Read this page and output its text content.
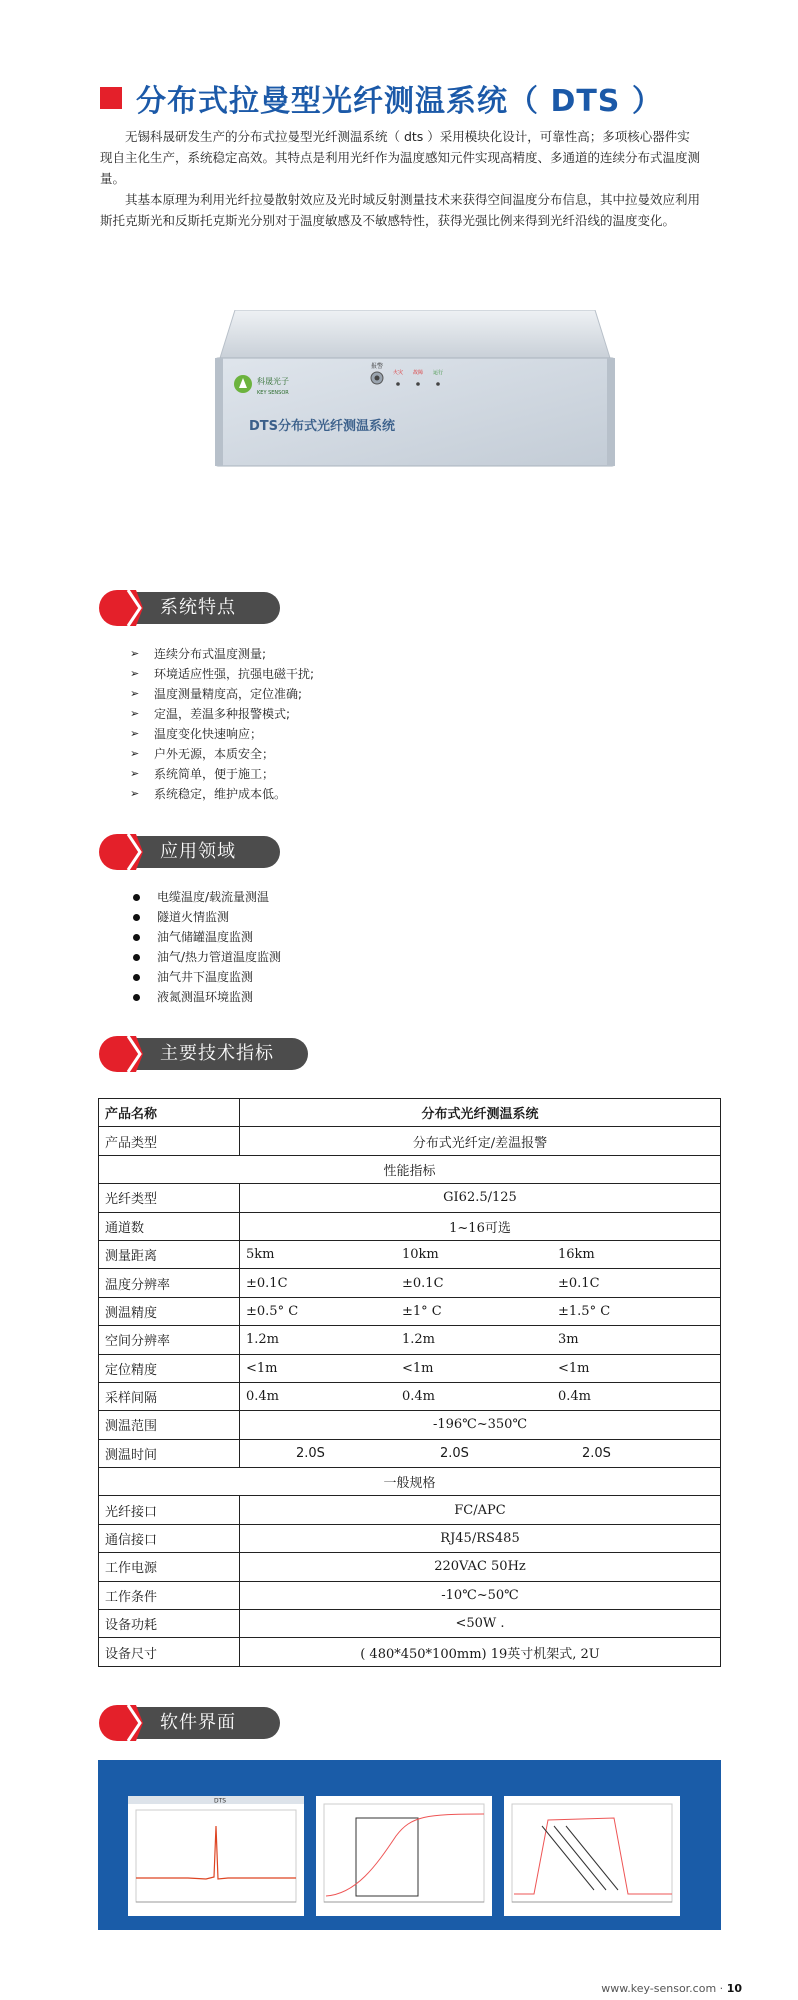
分布式拉曼型光纤测温系统（ DTS ）

无锡科晟研发生产的分布式拉曼型光纤测温系统（ dts ）采用模块化设计，可靠性高；多项核心器件实现自主化生产，系统稳定高效。其特点是利用光纤作为温度感知元件实现高精度、多通道的连续分布式温度测量。

其基本原理为利用光纤拉曼散射效应及光时域反射测量技术来获得空间温度分布信息，其中拉曼效应利用斯托克斯光和反斯托克斯光分别对于温度敏感及不敏感特性，获得光强比例来得到光纤沿线的温度变化。

科晟光子
KEY SENSOR
DTS分布式光纤测温系统
报警
火灾 故障 运行
系统特点
➢	连续分布式温度测量;
➢	环境适应性强，抗强电磁干扰;
➢	温度测量精度高，定位准确;
➢	定温，差温多种报警模式;
➢	温度变化快速响应；
➢	户外无源，本质安全；
➢	系统简单，便于施工；
➢	系统稳定，维护成本低。
应用领域
电缆温度/载流量测温
隧道火情监测
油气储罐温度监测
油气/热力管道温度监测
油气井下温度监测
液氮测温环境监测
主要技术指标
产品名称	分布式光纤测温系统
产品类型	分布式光纤定/差温报警
性能指标	
光纤类型	GI62.5/125
通道数	1~16可选
测量距离	5km 10km 16km

温度分辨率	±0.1C ±0.1C ±0.1C

测温精度	±0.5° C ±1° C ±1.5° C

空间分辨率	1.2m 1.2m 3m

定位精度	<1m <1m <1m

采样间隔	0.4m 0.4m 0.4m

测温范围	-196℃~350℃
测温时间	2.0S 2.0S 2.0S

一般规格	
光纤接口	FC/APC
通信接口	RJ45/RS485
工作电源	220VAC 50Hz
工作条件	-10℃~50℃
设备功耗	<50W .
设备尺寸	( 480*450*100mm) 19英寸机架式, 2U
软件界面
DTS
www.key-sensor.com · 10
